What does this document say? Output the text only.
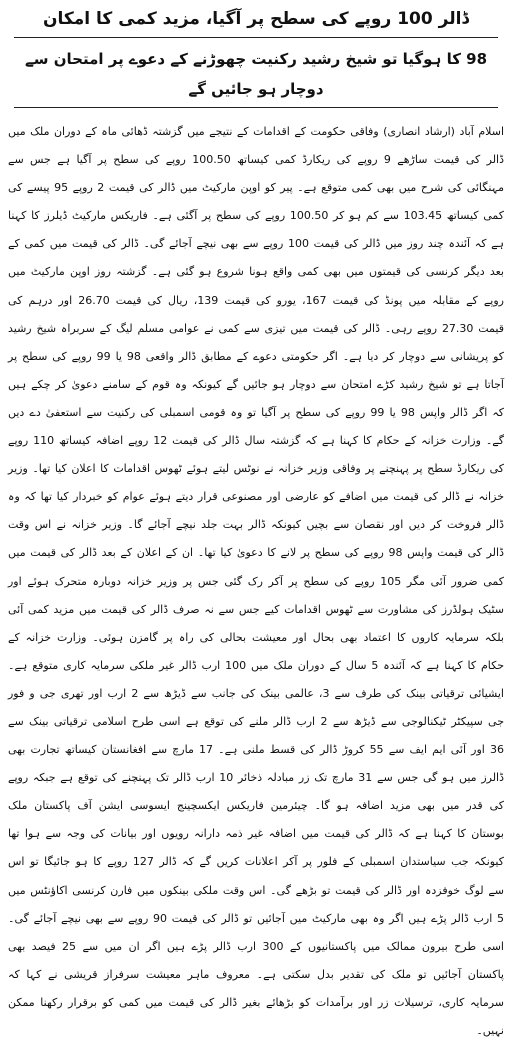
ڈالر 100 روپے کی سطح پر آگیا، مزید کمی کا امکان
98 کا ہوگیا تو شیخ رشید رکنیت چھوڑنے کے دعوے پر امتحان سے دوچار ہو جائیں گے

اسلام آباد (ارشاد انصاری) وفاقی حکومت کے اقدامات کے نتیجے میں گزشتہ ڈھائی ماہ کے دوران ملک میں ڈالر کی قیمت ساڑھے 9 روپے کی ریکارڈ کمی کیساتھ 100.50 روپے کی سطح پر آگیا ہے جس سے مہنگائی کی شرح میں بھی کمی متوقع ہے۔ پیر کو اوپن مارکیٹ میں ڈالر کی قیمت 2 روپے 95 پیسے کی کمی کیساتھ 103.45 سے کم ہو کر 100.50 روپے کی سطح پر آگئی ہے۔ فاریکس مارکیٹ ڈیلرز کا کہنا ہے کہ آئندہ چند روز میں ڈالر کی قیمت 100 روپے سے بھی نیچے آجائے گی۔ ڈالر کی قیمت میں کمی کے بعد دیگر کرنسی کی قیمتوں میں بھی کمی واقع ہونا شروع ہو گئی ہے۔ گزشتہ روز اوپن مارکیٹ میں روپے کے مقابلہ میں پونڈ کی قیمت 167، یورو کی قیمت 139، ریال کی قیمت 26.70 اور درہم کی قیمت 27.30 روپے رہی۔ ڈالر کی قیمت میں تیزی سے کمی نے عوامی مسلم لیگ کے سربراہ شیخ رشید کو پریشانی سے دوچار کر دیا ہے۔ اگر حکومتی دعوے کے مطابق ڈالر واقعی 98 یا 99 روپے کی سطح پر آجاتا ہے تو شیخ رشید کڑے امتحان سے دوچار ہو جائیں گے کیونکہ وہ قوم کے سامنے دعویٰ کر چکے ہیں کہ اگر ڈالر واپس 98 یا 99 روپے کی سطح پر آگیا تو وہ قومی اسمبلی کی رکنیت سے استعفیٰ دے دیں گے۔ وزارت خزانہ کے حکام کا کہنا ہے کہ گزشتہ سال ڈالر کی قیمت 12 روپے اضافہ کیساتھ 110 روپے کی ریکارڈ سطح پر پہنچنے پر وفاقی وزیر خزانہ نے نوٹس لیتے ہوئے ٹھوس اقدامات کا اعلان کیا تھا۔ وزیر خزانہ نے ڈالر کی قیمت میں اضافے کو عارضی اور مصنوعی قرار دیتے ہوئے عوام کو خبردار کیا تھا کہ وہ ڈالر فروخت کر دیں اور نقصان سے بچیں کیونکہ ڈالر بہت جلد نیچے آجائے گا۔ وزیر خزانہ نے اس وقت ڈالر کی قیمت واپس 98 روپے کی سطح پر لانے کا دعویٰ کیا تھا۔ ان کے اعلان کے بعد ڈالر کی قیمت میں کمی ضرور آئی مگر 105 روپے کی سطح پر آکر رک گئی جس پر وزیر خزانہ دوبارہ متحرک ہوئے اور سٹیک ہولڈرز کی مشاورت سے ٹھوس اقدامات کیے جس سے نہ صرف ڈالر کی قیمت میں مزید کمی آئی بلکہ سرمایہ کاروں کا اعتماد بھی بحال اور معیشت بحالی کی راہ پر گامزن ہوئی۔ وزارت خزانہ کے حکام کا کہنا ہے کہ آئندہ 5 سال کے دوران ملک میں 100 ارب ڈالر غیر ملکی سرمایہ کاری متوقع ہے۔ ایشیائی ترقیاتی بینک کی طرف سے 3، عالمی بینک کی جانب سے ڈیڑھ سے 2 ارب اور تھری جی و فور جی سپیکٹر ٹیکنالوجی سے ڈیڑھ سے 2 ارب ڈالر ملنے کی توقع ہے اسی طرح اسلامی ترقیاتی بینک سے 36 اور آئی ایم ایف سے 55 کروڑ ڈالر کی قسط ملنی ہے۔ 17 مارچ سے افغانستان کیساتھ تجارت بھی ڈالرز میں ہو گی جس سے 31 مارچ تک زر مبادلہ ذخائر 10 ارب ڈالر تک پہنچنے کی توقع ہے جبکہ روپے کی قدر میں بھی مزید اضافہ ہو گا۔ چیئرمین فاریکس ایکسچینج ایسوسی ایشن آف پاکستان ملک بوستان کا کہنا ہے کہ ڈالر کی قیمت میں اضافہ غیر ذمہ دارانہ رویوں اور بیانات کی وجہ سے ہوا تھا کیونکہ جب سیاستدان اسمبلی کے فلور پر آکر اعلانات کریں گے کہ ڈالر 127 روپے کا ہو جائیگا تو اس سے لوگ خوفزدہ اور ڈالر کی قیمت تو بڑھے گی۔ اس وقت ملکی بینکوں میں فارن کرنسی اکاؤنٹس میں 5 ارب ڈالر پڑے ہیں اگر وہ بھی مارکیٹ میں آجائیں تو ڈالر کی قیمت 90 روپے سے بھی نیچے آجائے گی۔ اسی طرح بیرون ممالک میں پاکستانیوں کے 300 ارب ڈالر پڑے ہیں اگر ان میں سے 25 فیصد بھی پاکستان آجائیں تو ملک کی تقدیر بدل سکتی ہے۔ معروف ماہر معیشت سرفراز قریشی نے کہا کہ سرمایہ کاری، ترسیلات زر اور برآمدات کو بڑھائے بغیر ڈالر کی قیمت میں کمی کو برقرار رکھنا ممکن نہیں۔
